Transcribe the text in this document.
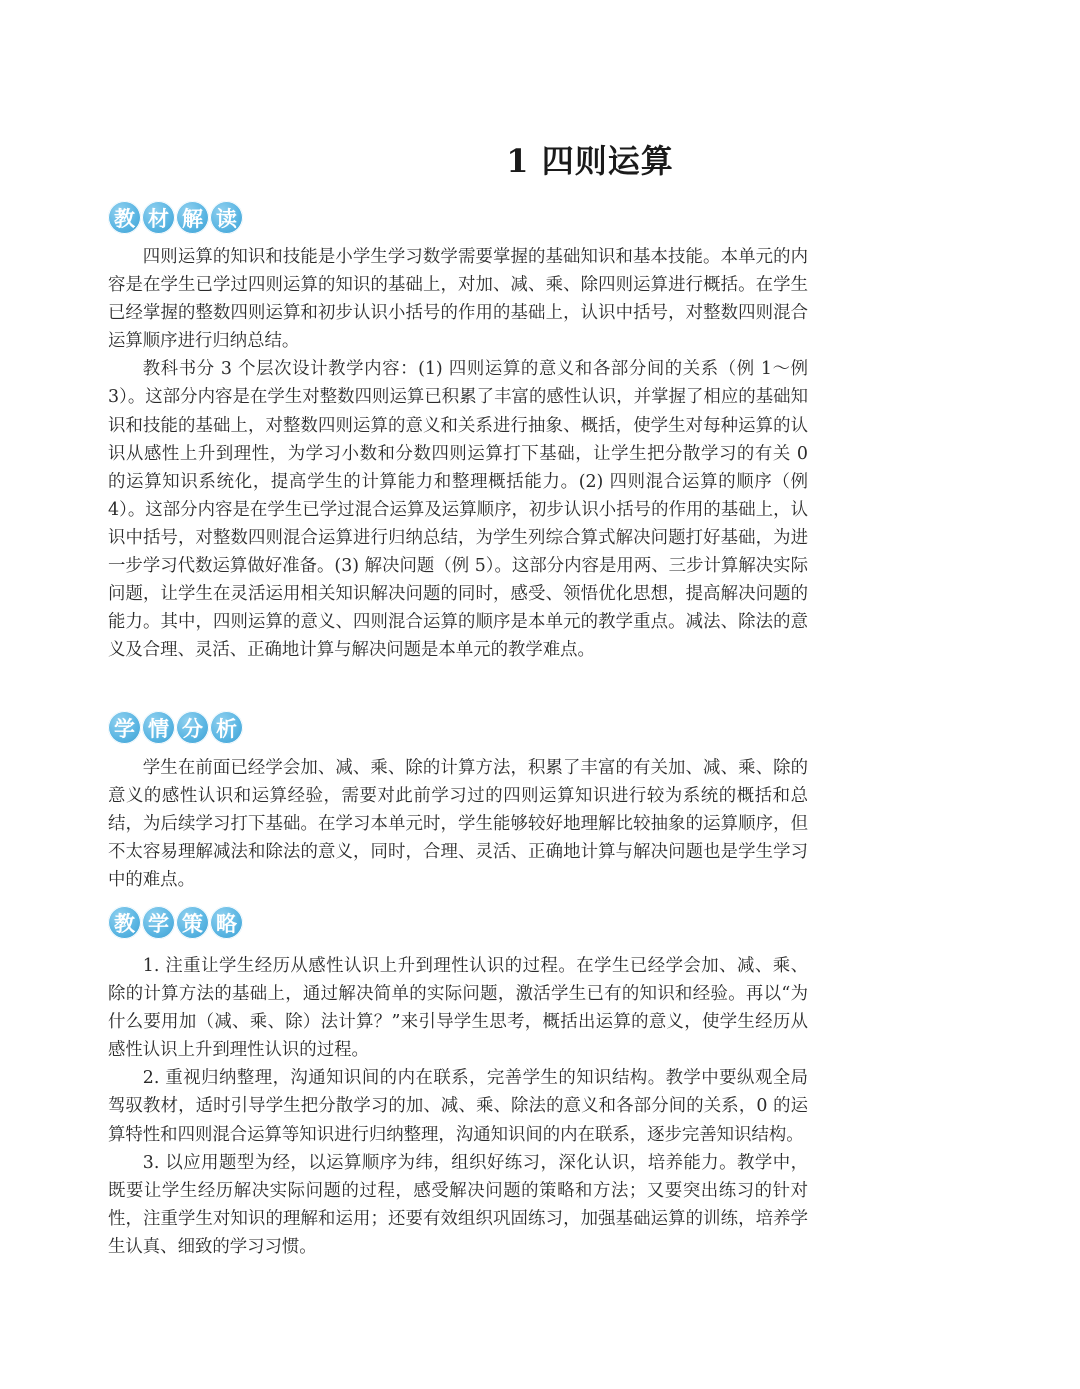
1 四则运算
教 材 解 读

四则运算的知识和技能是小学生学习数学需要掌握的基础知识和基本技能。本单元的内容是在学生已学过四则运算的知识的基础上，对加、减、乘、除四则运算进行概括。在学生已经掌握的整数四则运算和初步认识小括号的作用的基础上，认识中括号，对整数四则混合运算顺序进行归纳总结。

教科书分 3 个层次设计教学内容：(1) 四则运算的意义和各部分间的关系（例 1～例 3）。这部分内容是在学生对整数四则运算已积累了丰富的感性认识，并掌握了相应的基础知识和技能的基础上，对整数四则运算的意义和关系进行抽象、概括，使学生对每种运算的认识从感性上升到理性，为学习小数和分数四则运算打下基础，让学生把分散学习的有关 0 的运算知识系统化，提高学生的计算能力和整理概括能力。(2) 四则混合运算的顺序（例 4）。这部分内容是在学生已学过混合运算及运算顺序，初步认识小括号的作用的基础上，认识中括号，对整数四则混合运算进行归纳总结，为学生列综合算式解决问题打好基础，为进一步学习代数运算做好准备。(3) 解决问题（例 5）。这部分内容是用两、三步计算解决实际问题，让学生在灵活运用相关知识解决问题的同时，感受、领悟优化思想，提高解决问题的能力。其中，四则运算的意义、四则混合运算的顺序是本单元的教学重点。减法、除法的意义及合理、灵活、正确地计算与解决问题是本单元的教学难点。

学 情 分 析

学生在前面已经学会加、减、乘、除的计算方法，积累了丰富的有关加、减、乘、除的意义的感性认识和运算经验，需要对此前学习过的四则运算知识进行较为系统的概括和总结，为后续学习打下基础。在学习本单元时，学生能够较好地理解比较抽象的运算顺序，但不太容易理解减法和除法的意义，同时，合理、灵活、正确地计算与解决问题也是学生学习中的难点。

教 学 策 略

1. 注重让学生经历从感性认识上升到理性认识的过程。在学生已经学会加、减、乘、除的计算方法的基础上，通过解决简单的实际问题，激活学生已有的知识和经验。再以“为什么要用加（减、乘、除）法计算？”来引导学生思考，概括出运算的意义，使学生经历从感性认识上升到理性认识的过程。

2. 重视归纳整理，沟通知识间的内在联系，完善学生的知识结构。教学中要纵观全局驾驭教材，适时引导学生把分散学习的加、减、乘、除法的意义和各部分间的关系，0 的运算特性和四则混合运算等知识进行归纳整理，沟通知识间的内在联系，逐步完善知识结构。

3. 以应用题型为经，以运算顺序为纬，组织好练习，深化认识，培养能力。教学中，既要让学生经历解决实际问题的过程，感受解决问题的策略和方法；又要突出练习的针对性，注重学生对知识的理解和运用；还要有效组织巩固练习，加强基础运算的训练，培养学生认真、细致的学习习惯。
